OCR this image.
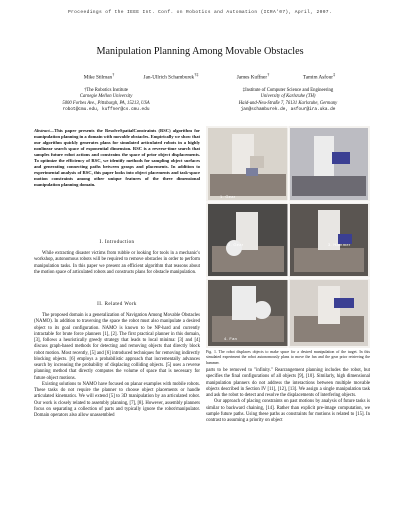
Proceedings of the IEEE Int. Conf. on Robotics and Automation (ICRA'07), April, 2007.
Manipulation Planning Among Movable Obstacles
Mike Stilman†
Jan-Ullrich Schamburek†‡
James Kuffner†
Tamim Asfour‡
†The Robotics Institute
Carnegie Mellon University
5000 Forbes Ave., Pittsburgh, PA, 15213, USA
robot@cmu.edu, kuffner@cs.cmu.edu
‡Institute of Computer Science and Engineering
University of Karlsruhe (TH)
Haid-und-Neu-Straße 7, 76131 Karlsruhe, Germany
jan@schamburek.de, asfour@ira.uka.de
Abstract—This paper presents the ResolveSpatialConstraints (RSC) algorithm for manipulation planning in a domain with movable obstacles. Empirically we show that our algorithm quickly generates plans for simulated articulated robots in a highly nonlinear search space of exponential dimension. RSC is a reverse-time search that samples future robot actions and constrains the space of prior object displacements. To optimize the efficiency of RSC, we identify methods for sampling object surfaces and generating connecting paths between grasps and placements. In addition to experimental analysis of RSC, this paper looks into object placements and task-space motion constraints among other unique features of the three dimensional manipulation planning domain.
I. Introduction

While extracting disaster victims from rubble or looking for tools in a mechanic's workshop, autonomous robots will be required to remove obstacles in order to perform manipulation tasks. In this paper we present an efficient algorithm that reasons about the motion space of articulated robots and constructs plans for obstacle manipulation.

II. Related Work

The proposed domain is a generalization of Navigation Among Movable Obstacles (NAMO). In addition to traversing the space the robot must also manipulate a desired object to its goal configuration. NAMO is known to be NP-hard and currently intractable for brute force planners [1], [2]. The first practical planner in this domain, [3], follows a heuristically greedy strategy that leads to local minima: [3] and [4] discuss graph-based methods for detecting and removing objects that directly block robot motion. Most recently, [5] and [6] introduced techniques for removing indirectly blocking objects. [6] employs a probabilistic approach that incrementally advances search by increasing the probability of displacing colliding objects. [5] uses a reverse planning method that directly computes the volume of space that is necessary for future object motions.

Existing solutions to NAMO have focused on planar examples with mobile robots. These tasks do not require the planner to choose object placements or handle articulated kinematics. We will extend [5] to 3D manipulation by an articulated robot. Our work is closely related to assembly planning, [7], [8]. However, assembly planners focus on separating a collection of parts and typically ignore the robot/manipulator. Domain operators also allow unassembled

1. Gear
2. Gear	3. Hammer
4. Fan
Fig. 1. The robot displaces objects to make space for a desired manipulation of the target. In this simulated experiment the robot autonomously plans to move the fan and the gear prior retrieving the hammer.

parts to be removed to "infinity." Rearrangement planning includes the robot, but specifies the final configurations of all objects [9], [10]. Similarly, high dimensional manipulation planners do not address the interactions between multiple movable objects described in Section IV [11], [12], [13]. We assign a single manipulation task and ask the robot to detect and resolve the displacements of interfering objects.

Our approach of placing constraints on past motions by analysis of future tasks is similar to backward chaining, [14]. Rather than explicit pre-image computation, we sample future paths. Using these paths as constraints for motions is related to [15]. In contrast to assuming a priority on object
